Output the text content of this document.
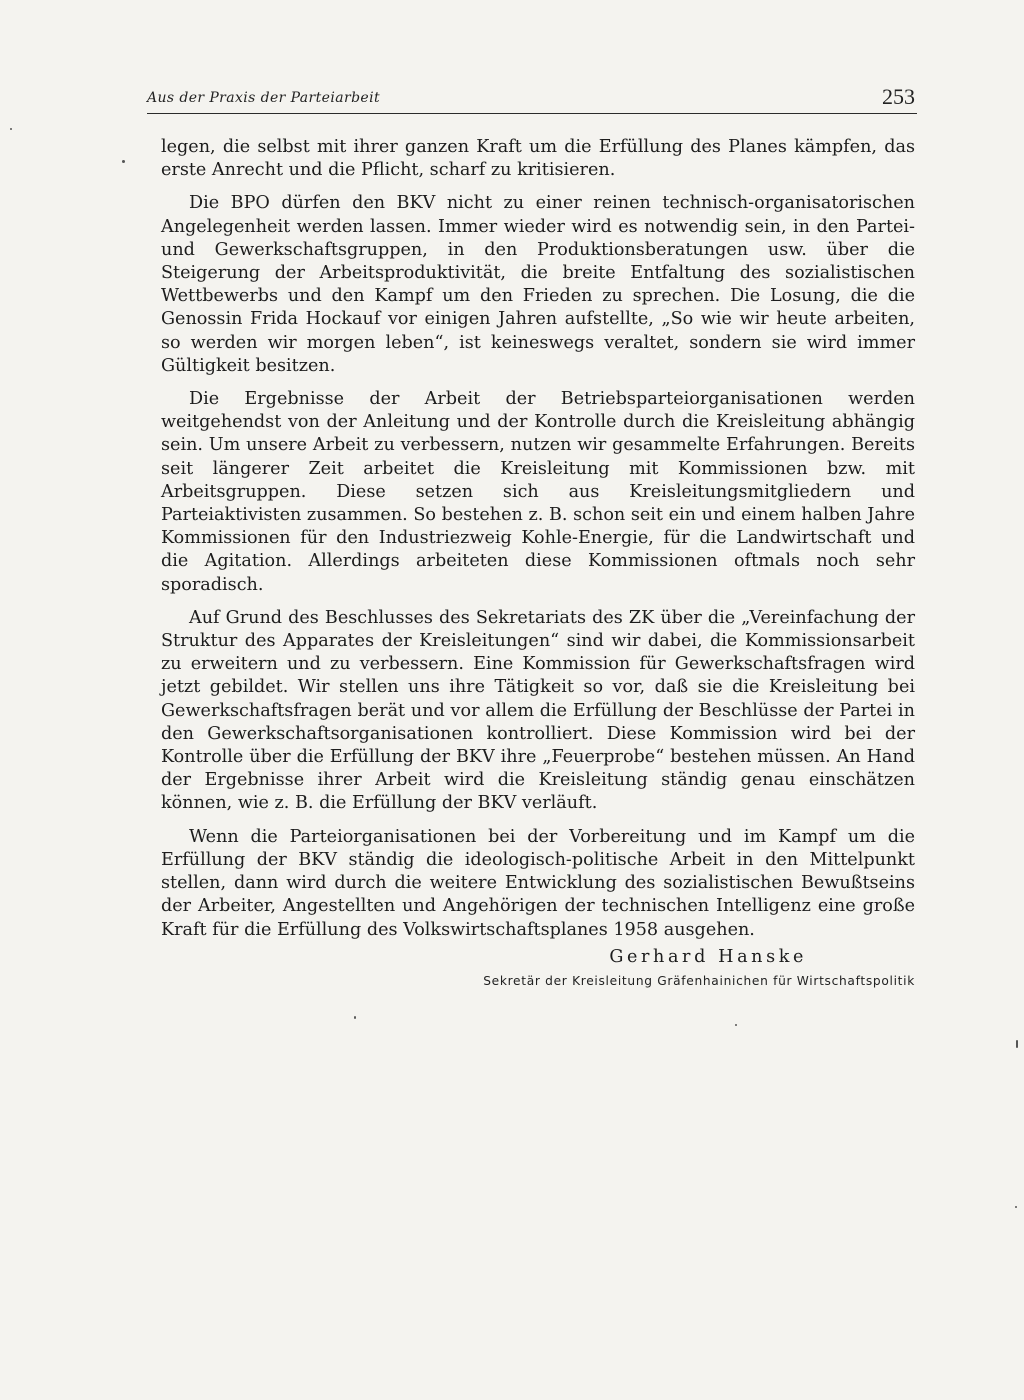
Aus der Praxis der Parteiarbeit	253

legen, die selbst mit ihrer ganzen Kraft um die Erfüllung des Planes kämpfen, das erste Anrecht und die Pflicht, scharf zu kritisieren.

Die BPO dürfen den BKV nicht zu einer reinen technisch-organisatorischen Angelegenheit werden lassen. Immer wieder wird es notwendig sein, in den Partei- und Gewerkschaftsgruppen, in den Produktionsberatungen usw. über die Steigerung der Arbeitsproduktivität, die breite Entfaltung des sozialistischen Wettbewerbs und den Kampf um den Frieden zu sprechen. Die Losung, die die Genossin Frida Hockauf vor einigen Jahren aufstellte, „So wie wir heute arbeiten, so werden wir morgen leben“, ist keineswegs veraltet, sondern sie wird immer Gültigkeit besitzen.

Die Ergebnisse der Arbeit der Betriebsparteiorganisationen werden weitgehendst von der Anleitung und der Kontrolle durch die Kreisleitung abhängig sein. Um unsere Arbeit zu verbessern, nutzen wir gesammelte Erfahrungen. Bereits seit längerer Zeit arbeitet die Kreisleitung mit Kommissionen bzw. mit Arbeitsgruppen. Diese setzen sich aus Kreisleitungsmitgliedern und Parteiaktivisten zusammen. So bestehen z. B. schon seit ein und einem halben Jahre Kommissionen für den Industriezweig Kohle-Energie, für die Landwirtschaft und die Agitation. Allerdings arbeiteten diese Kommissionen oftmals noch sehr sporadisch.

Auf Grund des Beschlusses des Sekretariats des ZK über die „Vereinfachung der Struktur des Apparates der Kreisleitungen“ sind wir dabei, die Kommissionsarbeit zu erweitern und zu verbessern. Eine Kommission für Gewerkschaftsfragen wird jetzt gebildet. Wir stellen uns ihre Tätigkeit so vor, daß sie die Kreisleitung bei Gewerkschaftsfragen berät und vor allem die Erfüllung der Beschlüsse der Partei in den Gewerkschaftsorganisationen kontrolliert. Diese Kommission wird bei der Kontrolle über die Erfüllung der BKV ihre „Feuerprobe“ bestehen müssen. An Hand der Ergebnisse ihrer Arbeit wird die Kreisleitung ständig genau einschätzen können, wie z. B. die Erfüllung der BKV verläuft.

Wenn die Parteiorganisationen bei der Vorbereitung und im Kampf um die Erfüllung der BKV ständig die ideologisch-politische Arbeit in den Mittelpunkt stellen, dann wird durch die weitere Entwicklung des sozialistischen Bewußtseins der Arbeiter, Angestellten und Angehörigen der technischen Intelligenz eine große Kraft für die Erfüllung des Volkswirtschaftsplanes 1958 ausgehen.

Gerhard Hanske
Sekretär der Kreisleitung Gräfenhainichen für Wirtschaftspolitik
